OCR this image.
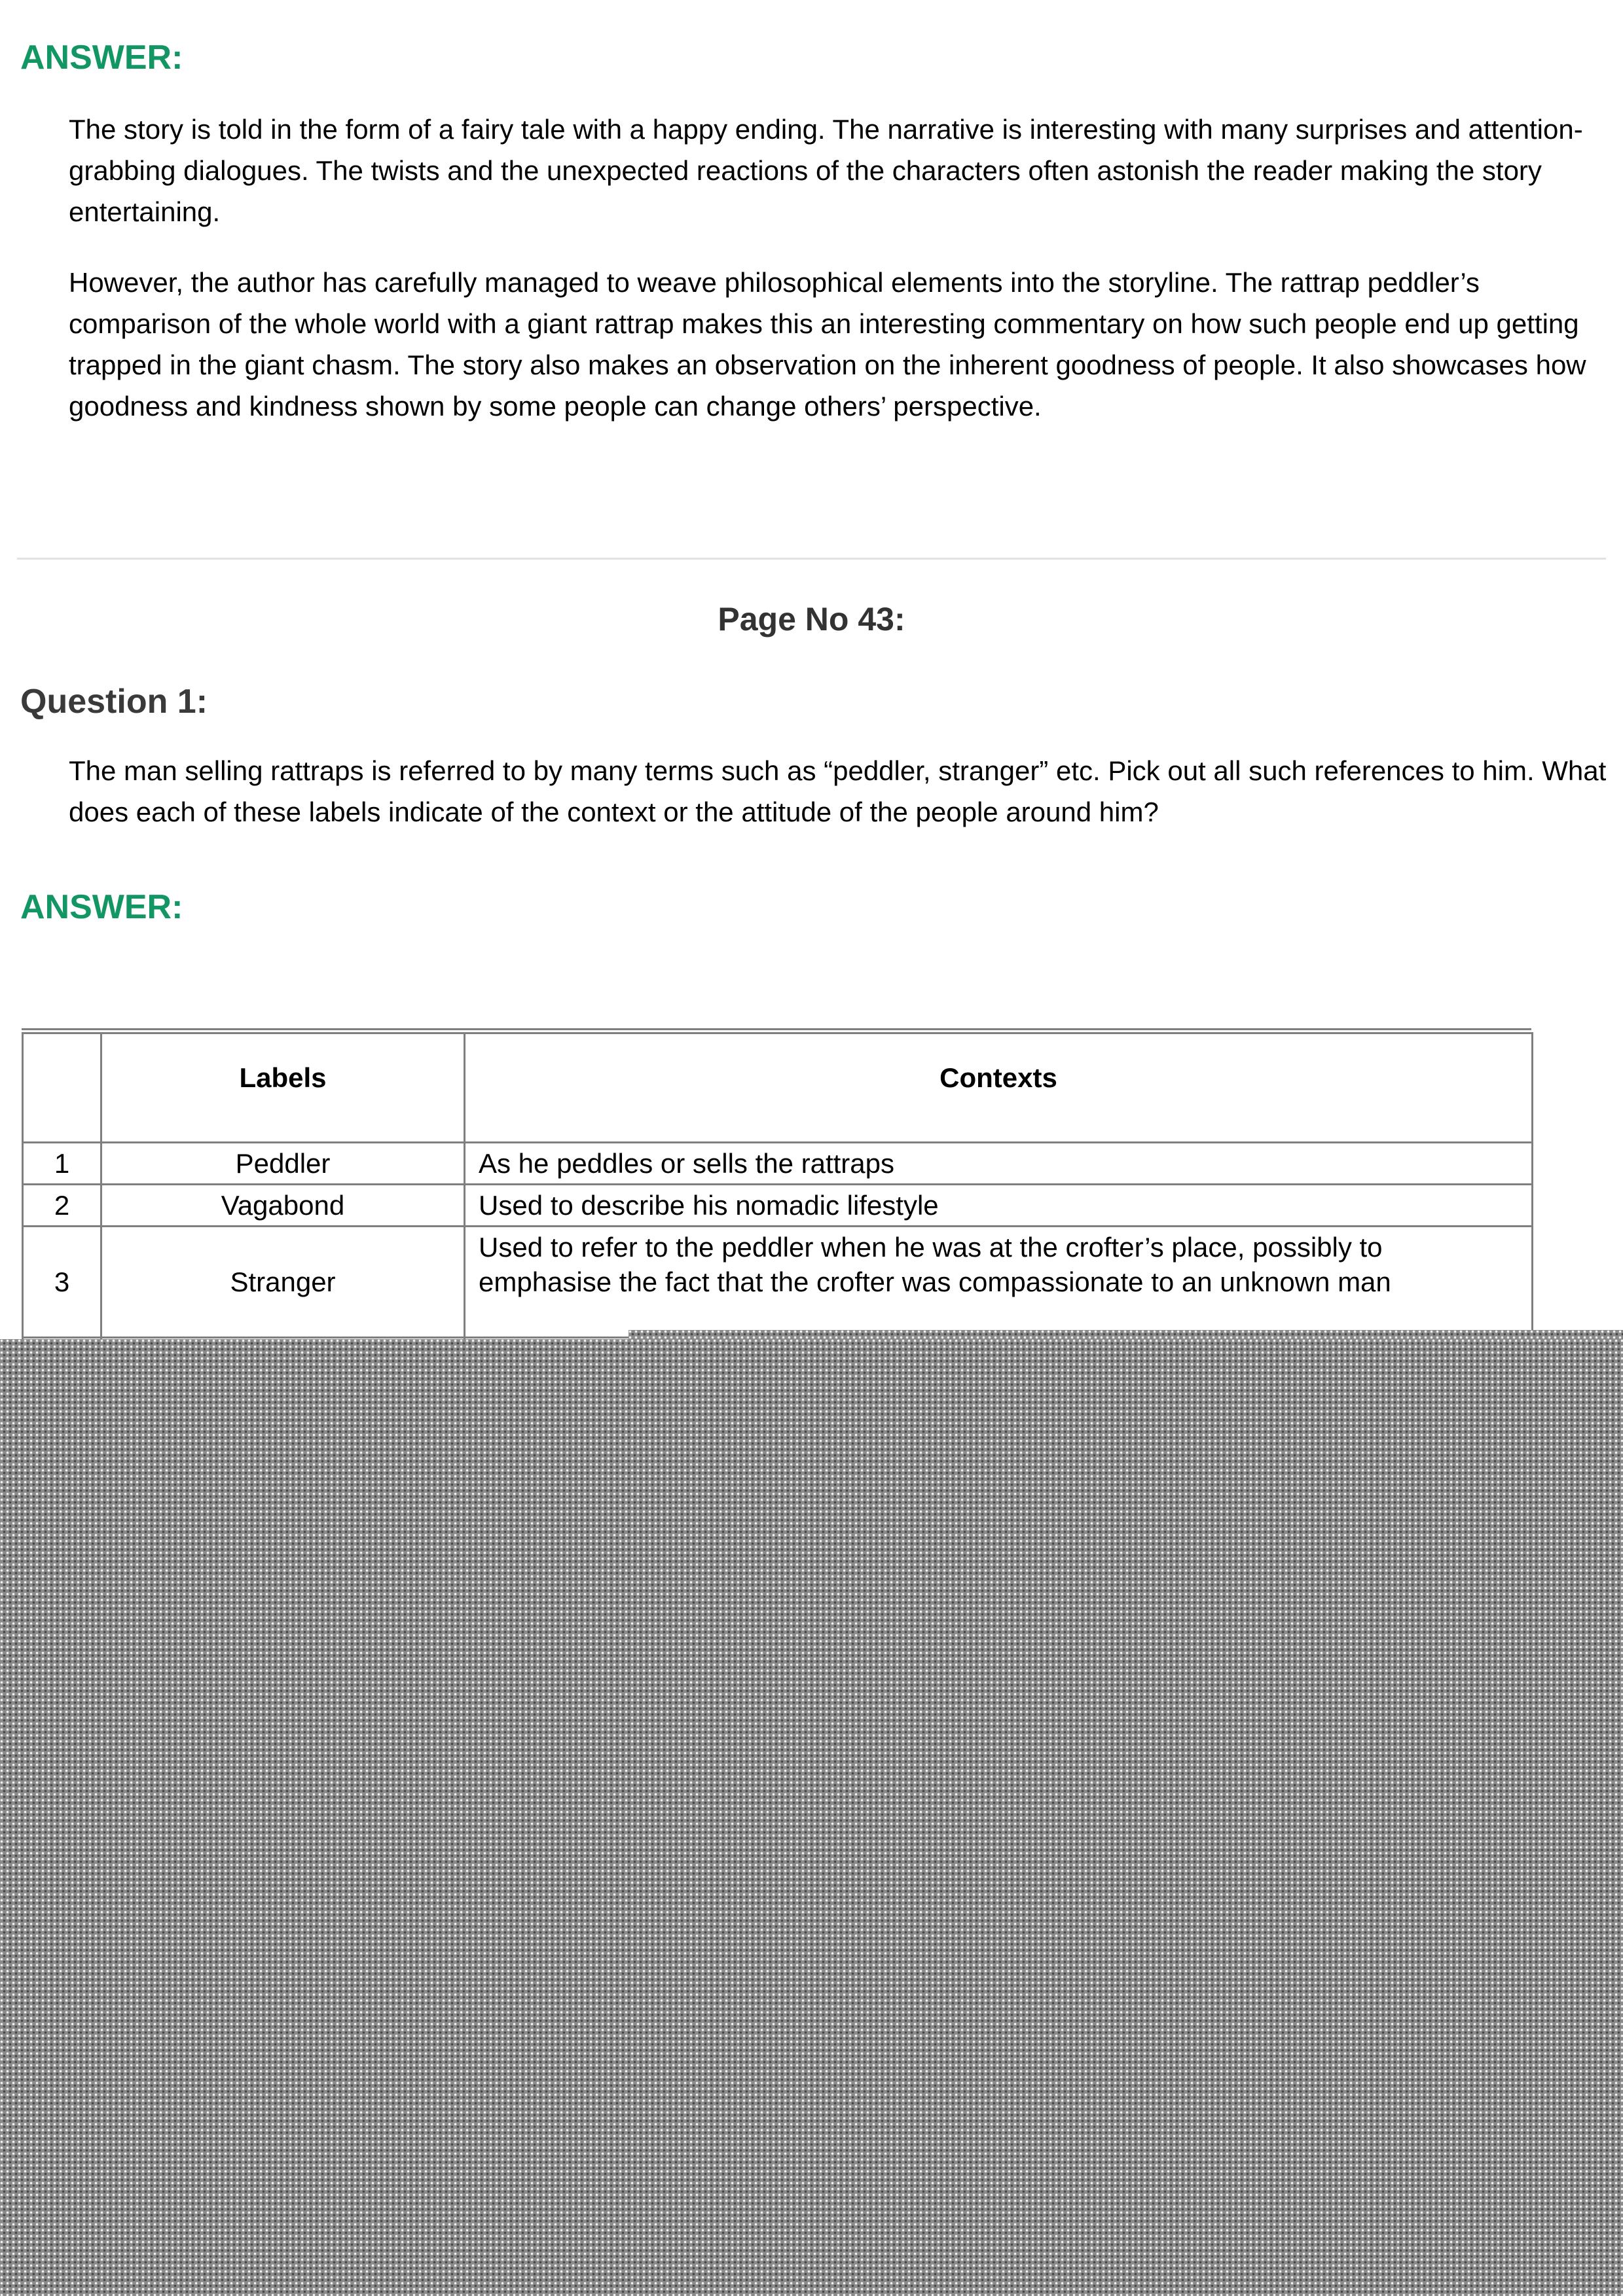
ANSWER:
The story is told in the form of a fairy tale with a happy ending. The narrative is interesting with many surprises and attention-grabbing dialogues. The twists and the unexpected reactions of the characters often astonish the reader making the story entertaining.
However, the author has carefully managed to weave philosophical elements into the storyline. The rattrap peddler’s comparison of the whole world with a giant rattrap makes this an interesting commentary on how such people end up getting trapped in the giant chasm. The story also makes an observation on the inherent goodness of people. It also showcases how goodness and kindness shown by some people can change others’ perspective.
Page No 43:
Question 1:
The man selling rattraps is referred to by many terms such as “peddler, stranger” etc. Pick out all such references to him. What does each of these labels indicate of the context or the attitude of the people around him?
ANSWER:
	Labels	Contexts
1	Peddler	As he peddles or sells the rattraps
2	Vagabond	Used to describe his nomadic lifestyle
3	Stranger	Used to refer to the peddler when he was at the crofter’s place, possibly to emphasise the fact that the crofter was compassionate to an unknown man
